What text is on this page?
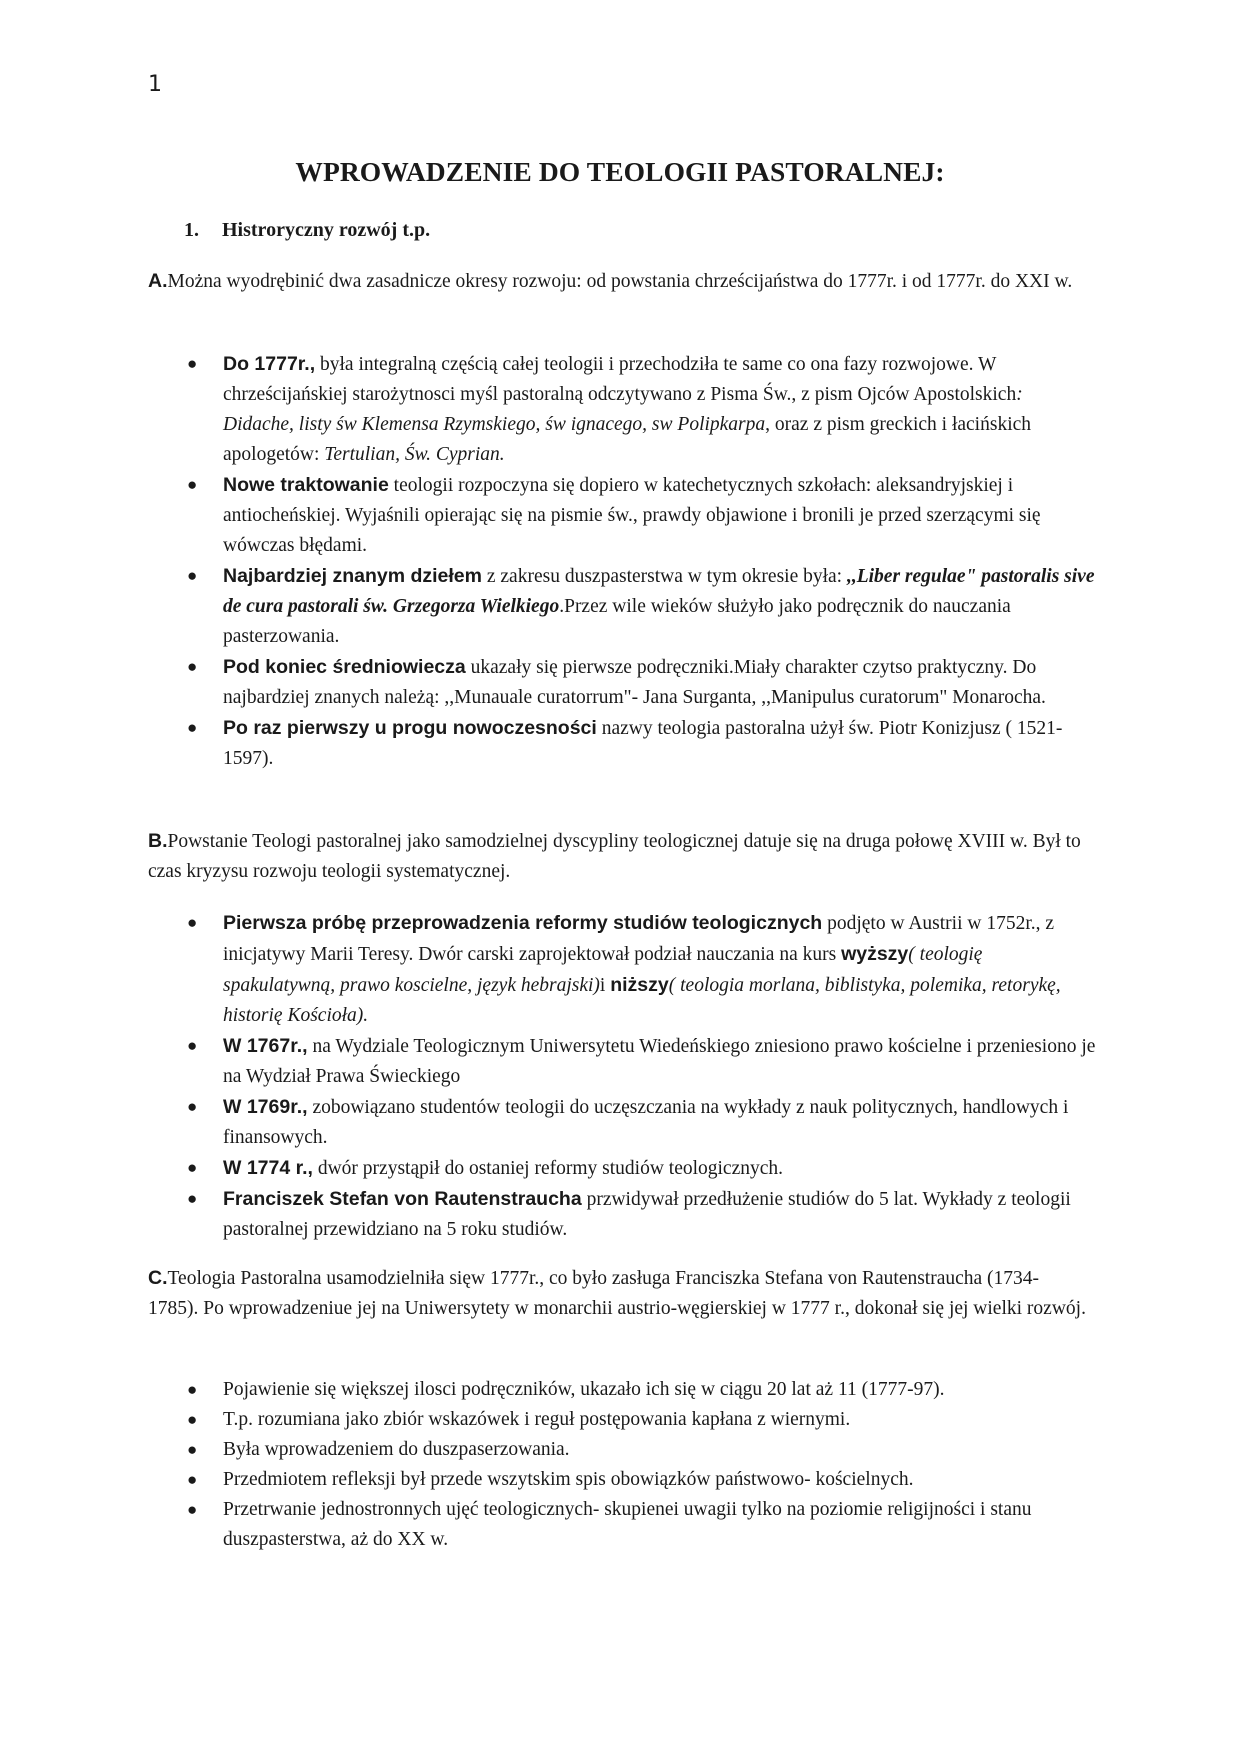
1
WPROWADZENIE DO TEOLOGII PASTORALNEJ:
1. Histroryczny rozwój t.p.

A.Można wyodrębinić dwa zasadnicze okresy rozwoju: od powstania chrześcijaństwa do 1777r. i od 1777r. do XXI w.

● Do 1777r., była integralną częścią całej teologii i przechodziła te same co ona fazy rozwojowe. W chrześcijańskiej starożytnosci myśl pastoralną odczytywano z Pisma Św., z pism Ojców Apostolskich: Didache, listy św Klemensa Rzymskiego, św ignacego, sw Polipkarpa, oraz z pism greckich i łacińskich apologetów: Tertulian, Św. Cyprian.
● Nowe traktowanie teologii rozpoczyna się dopiero w katechetycznych szkołach: aleksandryjskiej i antiocheńskiej. Wyjaśnili opierając się na pismie św., prawdy objawione i bronili je przed szerzącymi się wówczas błędami.
● Najbardziej znanym dziełem z zakresu duszpasterstwa w tym okresie była: ,,Liber regulae" pastoralis sive de cura pastorali św. Grzegorza Wielkiego.Przez wile wieków służyło jako podręcznik do nauczania pasterzowania.
● Pod koniec średniowiecza ukazały się pierwsze podręczniki.Miały charakter czytso praktyczny. Do najbardziej znanych należą: ,,Munauale curatorrum"- Jana Surganta, ,,Manipulus curatorum" Monarocha.
● Po raz pierwszy u progu nowoczesności nazwy teologia pastoralna użył św. Piotr Konizjusz ( 1521- 1597).

B.Powstanie Teologi pastoralnej jako samodzielnej dyscypliny teologicznej datuje się na druga połowę XVIII w. Był to czas kryzysu rozwoju teologii systematycznej.

● Pierwsza próbę przeprowadzenia reformy studiów teologicznych podjęto w Austrii w 1752r., z inicjatywy Marii Teresy. Dwór carski zaprojektował podział nauczania na kurs wyższy( teologię spakulatywną, prawo koscielne, język hebrajski)i niższy( teologia morlana, biblistyka, polemika, retorykę, historię Kościoła).
● W 1767r., na Wydziale Teologicznym Uniwersytetu Wiedeńskiego zniesiono prawo kościelne i przeniesiono je na Wydział Prawa Świeckiego
● W 1769r., zobowiązano studentów teologii do uczęszczania na wykłady z nauk politycznych, handlowych i finansowych.
● W 1774 r., dwór przystąpił do ostaniej reformy studiów teologicznych.
● Franciszek Stefan von Rautenstraucha przwidywał przedłużenie studiów do 5 lat. Wykłady z teologii pastoralnej przewidziano na 5 roku studiów.

C.Teologia Pastoralna usamodzielniła sięw 1777r., co było zasługa Franciszka Stefana von Rautenstraucha (1734- 1785). Po wprowadzeniue jej na Uniwersytety w monarchii austrio-węgierskiej w 1777 r., dokonał się jej wielki rozwój.

● Pojawienie się większej ilosci podręczników, ukazało ich się w ciągu 20 lat aż 11 (1777-97).
● T.p. rozumiana jako zbiór wskazówek i reguł postępowania kapłana z wiernymi.
● Była wprowadzeniem do duszpaserzowania.
● Przedmiotem refleksji był przede wszytskim spis obowiązków państwowo- kościelnych.
● Przetrwanie jednostronnych ujęć teologicznych- skupienei uwagii tylko na poziomie religijności i stanu duszpasterstwa, aż do XX w.
